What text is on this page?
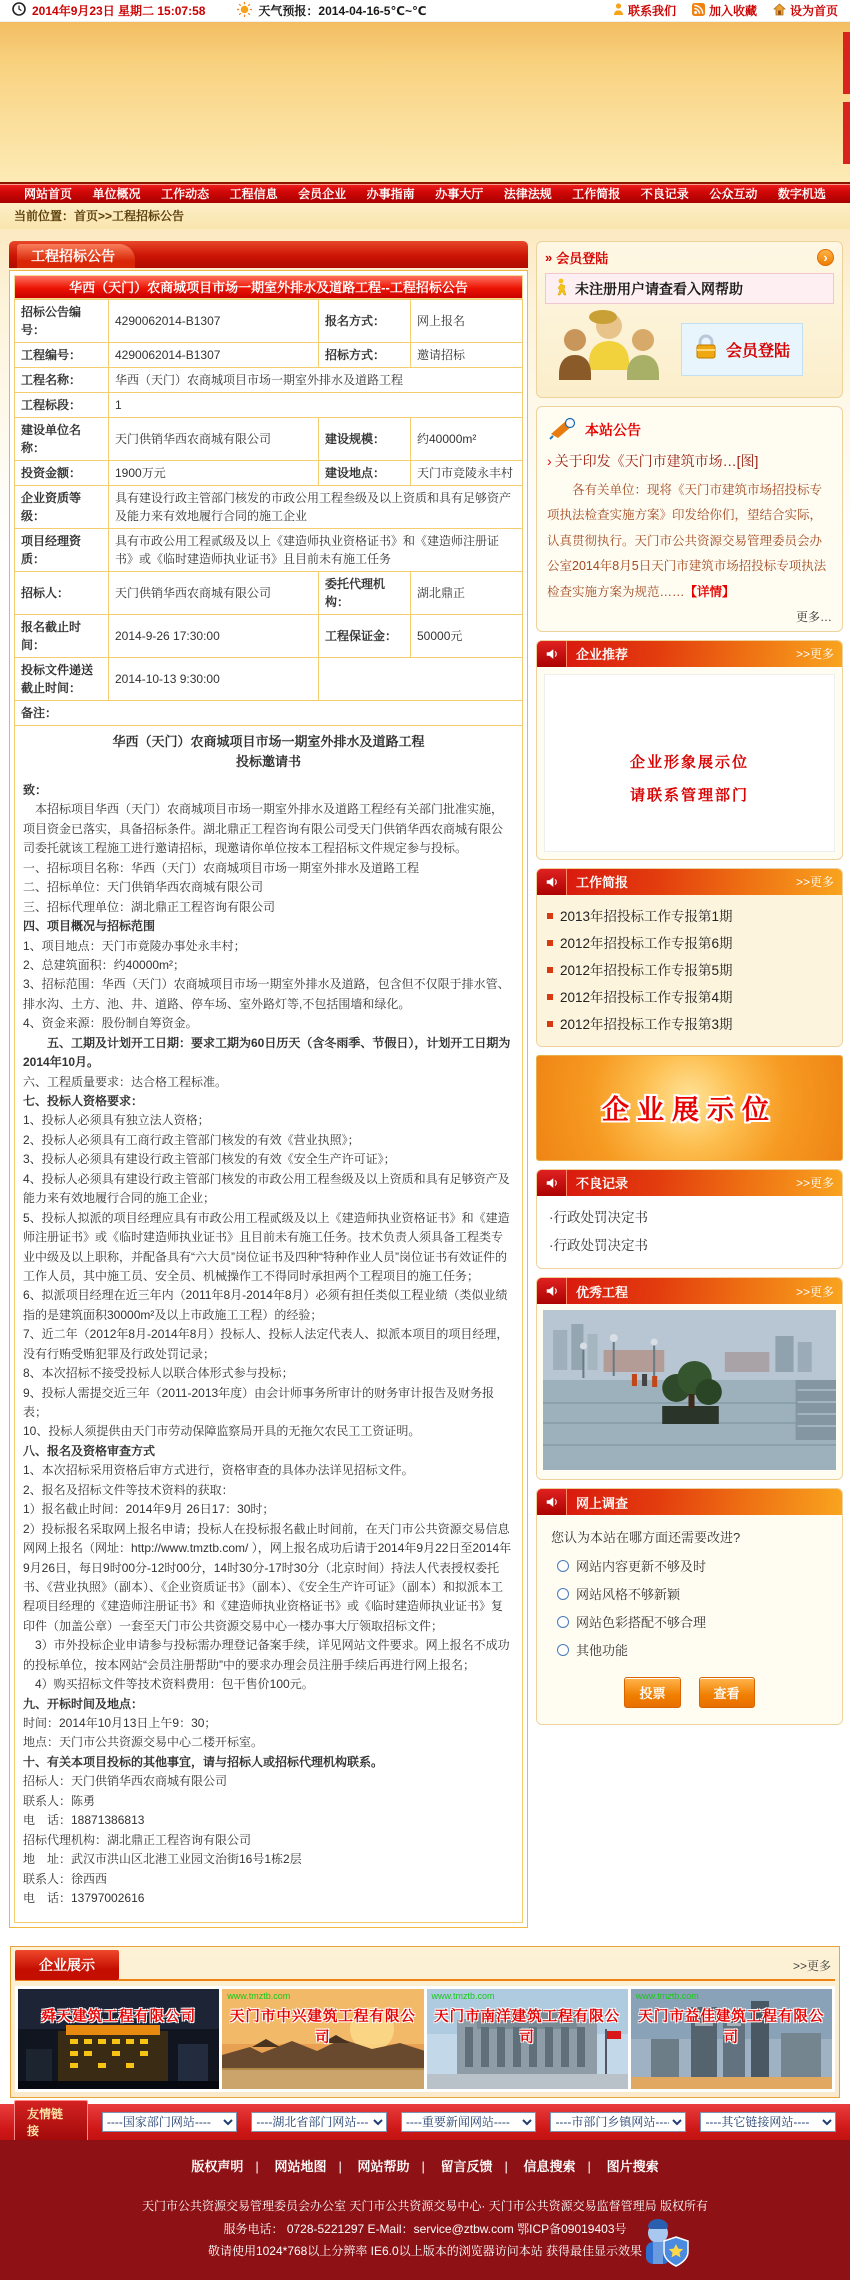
2014年9月23日 星期二 15:07:58	天气预报：2014-04-16-5℃~℃	联系我们	加入收藏	设为首页
网站首页 单位概况 工作动态 工程信息 会员企业 办事指南 办事大厅 法律法规 工作简报 不良记录 公众互动 数字机选
当前位置：首页>>工程招标公告
工程招标公告
华西（天门）农商城项目市场一期室外排水及道路工程--工程招标公告
招标公告编号：	4290062014-B1307	报名方式：	网上报名
工程编号：	4290062014-B1307	招标方式：	邀请招标
工程名称：	华西（天门）农商城项目市场一期室外排水及道路工程		
工程标段：	1		
建设单位名称：	天门供销华西农商城有限公司	建设规模：	约40000m²
投资金额：	1900万元	建设地点：	天门市竞陵永丰村
企业资质等级：	具有建设行政主管部门核发的市政公用工程叁级及以上资质和具有足够资产及能力来有效地履行合同的施工企业		
项目经理资质：	具有市政公用工程贰级及以上《建造师执业资格证书》和《建造师注册证书》或《临时建造师执业证书》且目前未有施工任务		
招标人：	天门供销华西农商城有限公司	委托代理机构：	湖北鼎正
报名截止时间：	2014-9-26 17:30:00	工程保证金：	50000元
投标文件递送截止时间：	2014-10-13 9:30:00		
备注：			

华西（天门）农商城项目市场一期室外排水及道路工程
投标邀请书
致：
　本招标项目华西（天门）农商城项目市场一期室外排水及道路工程经有关部门批准实施，项目资金已落实，具备招标条件。湖北鼎正工程咨询有限公司受天门供销华西农商城有限公司委托就该工程施工进行邀请招标，现邀请你单位按本工程招标文件规定参与投标。
一、招标项目名称：华西（天门）农商城项目市场一期室外排水及道路工程
二、招标单位：天门供销华西农商城有限公司
三、招标代理单位：湖北鼎正工程咨询有限公司
四、项目概况与招标范围
1、项目地点：天门市竟陵办事处永丰村；
2、总建筑面积：约40000m²；
3、招标范围：华西（天门）农商城项目市场一期室外排水及道路，包含但不仅限于排水管、排水沟、土方、池、井、道路、停车场、室外路灯等,不包括围墙和绿化。
4、资金来源：股份制自筹资金。
　　五、工期及计划开工日期：要求工期为60日历天（含冬雨季、节假日），计划开工日期为2014年10月。
六、工程质量要求：达合格工程标准。
七、投标人资格要求：
1、投标人必须具有独立法人资格；
2、投标人必须具有工商行政主管部门核发的有效《营业执照》；
3、投标人必须具有建设行政主管部门核发的有效《安全生产许可证》；
4、投标人必须具有建设行政主管部门核发的市政公用工程叁级及以上资质和具有足够资产及能力来有效地履行合同的施工企业；
5、投标人拟派的项目经理应具有市政公用工程贰级及以上《建造师执业资格证书》和《建造师注册证书》或《临时建造师执业证书》且目前未有施工任务。技术负责人须具备工程类专业中级及以上职称，并配备具有“六大员”岗位证书及四种“特种作业人员”岗位证书有效证件的工作人员，其中施工员、安全员、机械操作工不得同时承担两个工程项目的施工任务；
6、拟派项目经理在近三年内（2011年8月-2014年8月）必须有担任类似工程业绩（类似业绩指的是建筑面积30000m²及以上市政施工工程）的经验；
7、近二年（2012年8月-2014年8月）投标人、投标人法定代表人、拟派本项目的项目经理，没有行贿受贿犯罪及行政处罚记录；
8、本次招标不接受投标人以联合体形式参与投标；
9、投标人需提交近三年（2011-2013年度）由会计师事务所审计的财务审计报告及财务报表；
10、投标人须提供由天门市劳动保障监察局开具的无拖欠农民工工资证明。
八、报名及资格审查方式
1、本次招标采用资格后审方式进行，资格审查的具体办法详见招标文件。
2、报名及招标文件等技术资料的获取：
1）报名截止时间：2014年9月 26日17：30时；
2）投标报名采取网上报名申请；投标人在投标报名截止时间前，在天门市公共资源交易信息网网上报名（网址：http://www.tmztb.com/ ），网上报名成功后请于2014年9月22日至2014年9月26日，每日9时00分-12时00分，14时30分-17时30分（北京时间）持法人代表授权委托书、《营业执照》（副本）、《企业资质证书》（副本）、《安全生产许可证》（副本）和拟派本工程项目经理的《建造师注册证书》和《建造师执业资格证书》或《临时建造师执业证书》复印件（加盖公章）一套至天门市公共资源交易中心一楼办事大厅领取招标文件；
　3）市外投标企业申请参与投标需办理登记备案手续，详见网站文件要求。网上报名不成功的投标单位，按本网站“会员注册帮助”中的要求办理会员注册手续后再进行网上报名；
　4）购买招标文件等技术资料费用：包干售价100元。
九、开标时间及地点：
时间：2014年10月13日上午9：30；
地点：天门市公共资源交易中心二楼开标室。
十、有关本项目投标的其他事宜，请与招标人或招标代理机构联系。
招标人：天门供销华西农商城有限公司
联系人：陈勇
电　话：18871386813
招标代理机构：湖北鼎正工程咨询有限公司
地　址：武汉市洪山区北港工业园文治街16号1栋2层
联系人：徐西西
电　话：13797002616
» 会员登陆	›
未注册用户请查看入网帮助
会员登陆
本站公告
› 关于印发《天门市建筑市场…[图]
各有关单位：现将《天门市建筑市场招投标专项执法检查实施方案》印发给你们，望结合实际，认真贯彻执行。天门市公共资源交易管理委员会办公室2014年8月5日天门市建筑市场招投标专项执法检查实施方案为规范……【详情】
更多…
企业推荐	>>更多
企业形象展示位
请联系管理部门
工作简报	>>更多
2013年招投标工作专报第1期
2012年招投标工作专报第6期
2012年招投标工作专报第5期
2012年招投标工作专报第4期
2012年招投标工作专报第3期
企业展示位
不良记录	>>更多
·行政处罚决定书
·行政处罚决定书
优秀工程	>>更多
网上调查
您认为本站在哪方面还需要改进?
网站内容更新不够及时
网站风格不够新颖
网站色彩搭配不够合理
其他功能
投票	查看
企业展示	>>更多
舜天建筑工程有限公司
www.tmztb.com
天门市中兴建筑工程有限公司
www.tmztb.com
天门市南洋建筑工程有限公司
www.tmztb.com
天门市益佳建筑工程有限公司
友情链接
----国家部门网站----
----湖北省部门网站---
----重要新闻网站----
----市部门乡镇网站----
----其它链接网站----
版权声明 | 网站地图 | 网站帮助 | 留言反馈 | 信息搜索 | 图片搜索
天门市公共资源交易管理委员会办公室 天门市公共资源交易中心· 天门市公共资源交易监督管理局 版权所有
服务电话： 0728-5221297 E-Mail：service@ztbw.com 鄂ICP备09019403号
敬请使用1024*768以上分辨率 IE6.0以上版本的浏览器访问本站 获得最佳显示效果
